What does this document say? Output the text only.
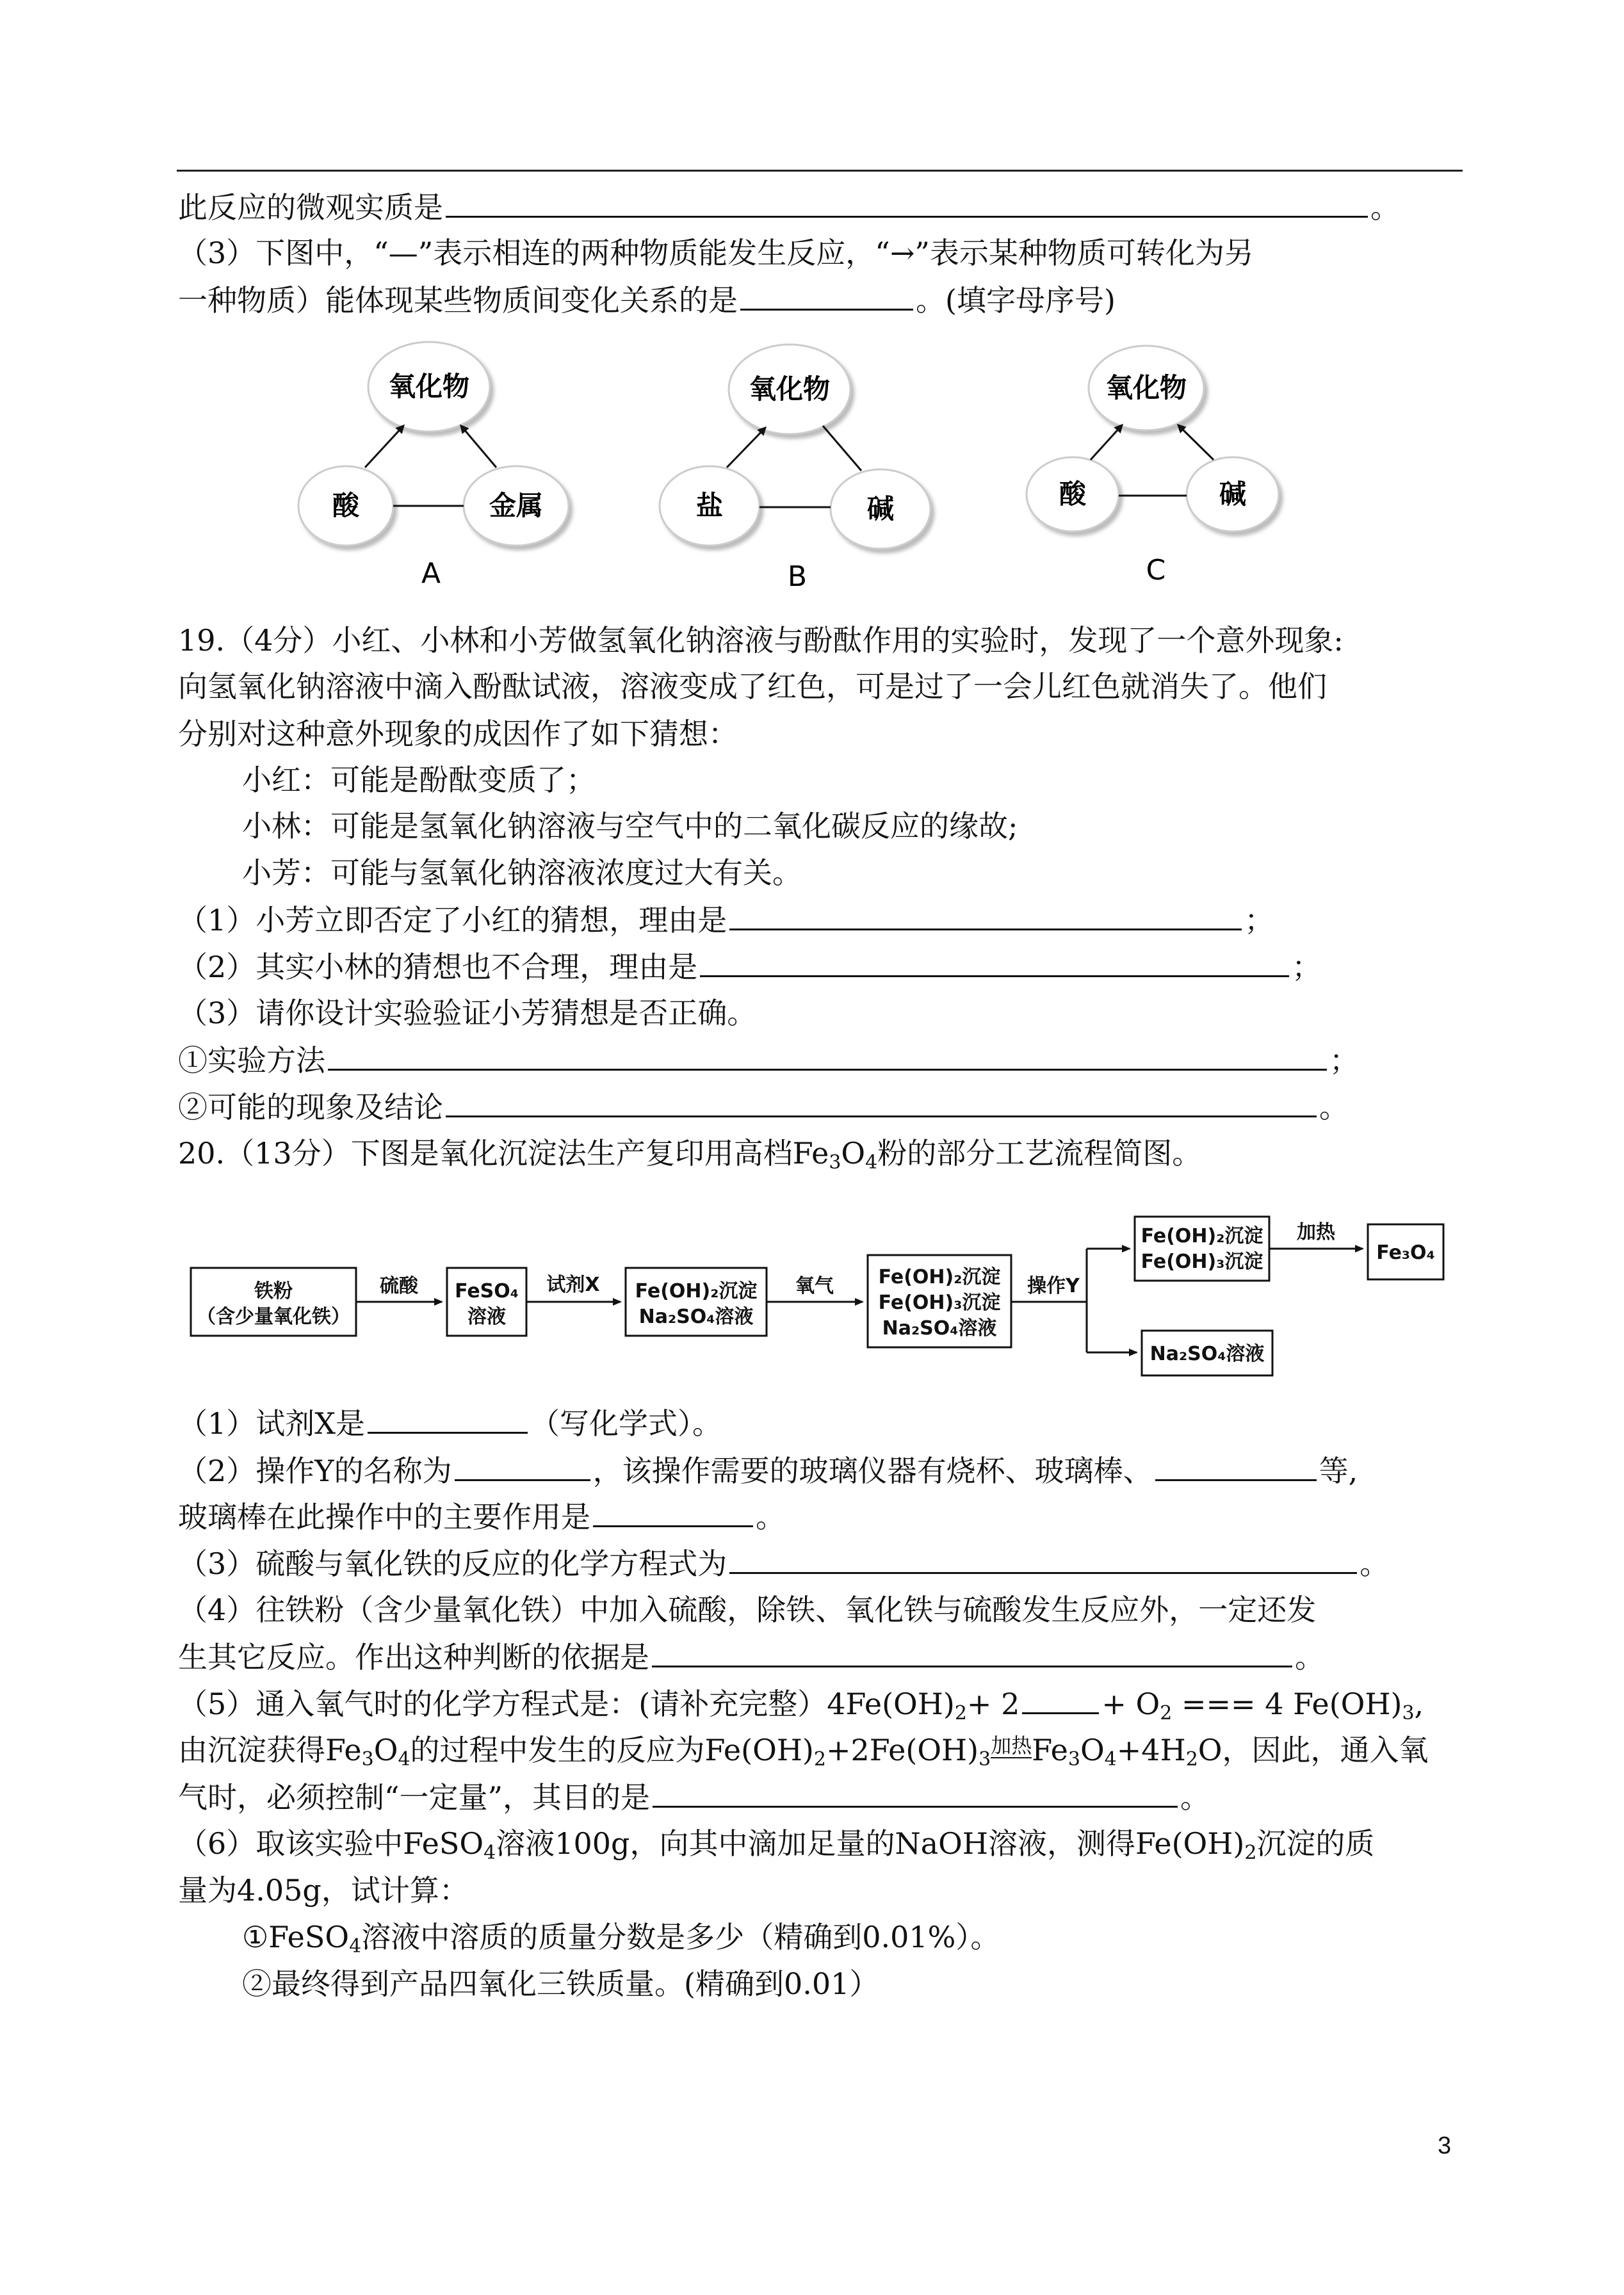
此反应的微观实质是	。
（3）下图中，“—”表示相连的两种物质能发生反应，“→”表示某种物质可转化为另
一种物质）能体现某些物质间变化关系的是	。(填字母序号)
氧化物
酸	金属
A
氧化物
盐	碱
B
氧化物
酸	碱
C
19.（4分）小红、小林和小芳做氢氧化钠溶液与酚酞作用的实验时，发现了一个意外现象:
向氢氧化钠溶液中滴入酚酞试液，溶液变成了红色，可是过了一会儿红色就消失了。他们
分别对这种意外现象的成因作了如下猜想：
小红：可能是酚酞变质了；
小林：可能是氢氧化钠溶液与空气中的二氧化碳反应的缘故;
小芳：可能与氢氧化钠溶液浓度过大有关。
（1）小芳立即否定了小红的猜想，理由是	；
（2）其实小林的猜想也不合理，理由是	；
（3）请你设计实验验证小芳猜想是否正确。
①实验方法	；
②可能的现象及结论	。
20.（13分）下图是氧化沉淀法生产复印用高档$Fe_3O_4$粉的部分工艺流程简图。
铁粉
（含少量氧化铁）
硫酸 FeSO₄
溶液
试剂X Fe(OH)₂沉淀
Na₂SO₄溶液
氧气 Fe(OH)₂沉淀
Fe(OH)₃沉淀
Na₂SO₄溶液
操作Y
Fe(OH)₂沉淀
Fe(OH)₃沉淀
加热
Fe₃O₄
Na₂SO₄溶液
（1）试剂X是	（写化学式）。
（2）操作Y的名称为	，该操作需要的玻璃仪器有烧杯、玻璃棒、	等,
玻璃棒在此操作中的主要作用是	。
（3）硫酸与氧化铁的反应的化学方程式为	。
（4）往铁粉（含少量氧化铁）中加入硫酸，除铁、氧化铁与硫酸发生反应外，一定还发
生其它反应。作出这种判断的依据是	。
（5）通入氧气时的化学方程式是：(请补充完整）$4Fe(OH)_2+ 2$	+ $O_2$ === 4 $Fe(OH)_3$,
由沉淀获得$Fe_3O_4$的过程中发生的反应为$Fe(OH)_2+2Fe(OH)_3$加热$Fe_3O_4+4H_2O$，因此，通入氧
气时，必须控制“一定量”，其目的是	。
（6）取该实验中FeSO$_4$溶液100g，向其中滴加足量的NaOH溶液，测得$Fe(OH)_2$沉淀的质
量为4.05g，试计算：
①FeSO$_4$溶液中溶质的质量分数是多少（精确到0.01%）。
②最终得到产品四氧化三铁质量。(精确到0.01）
3
